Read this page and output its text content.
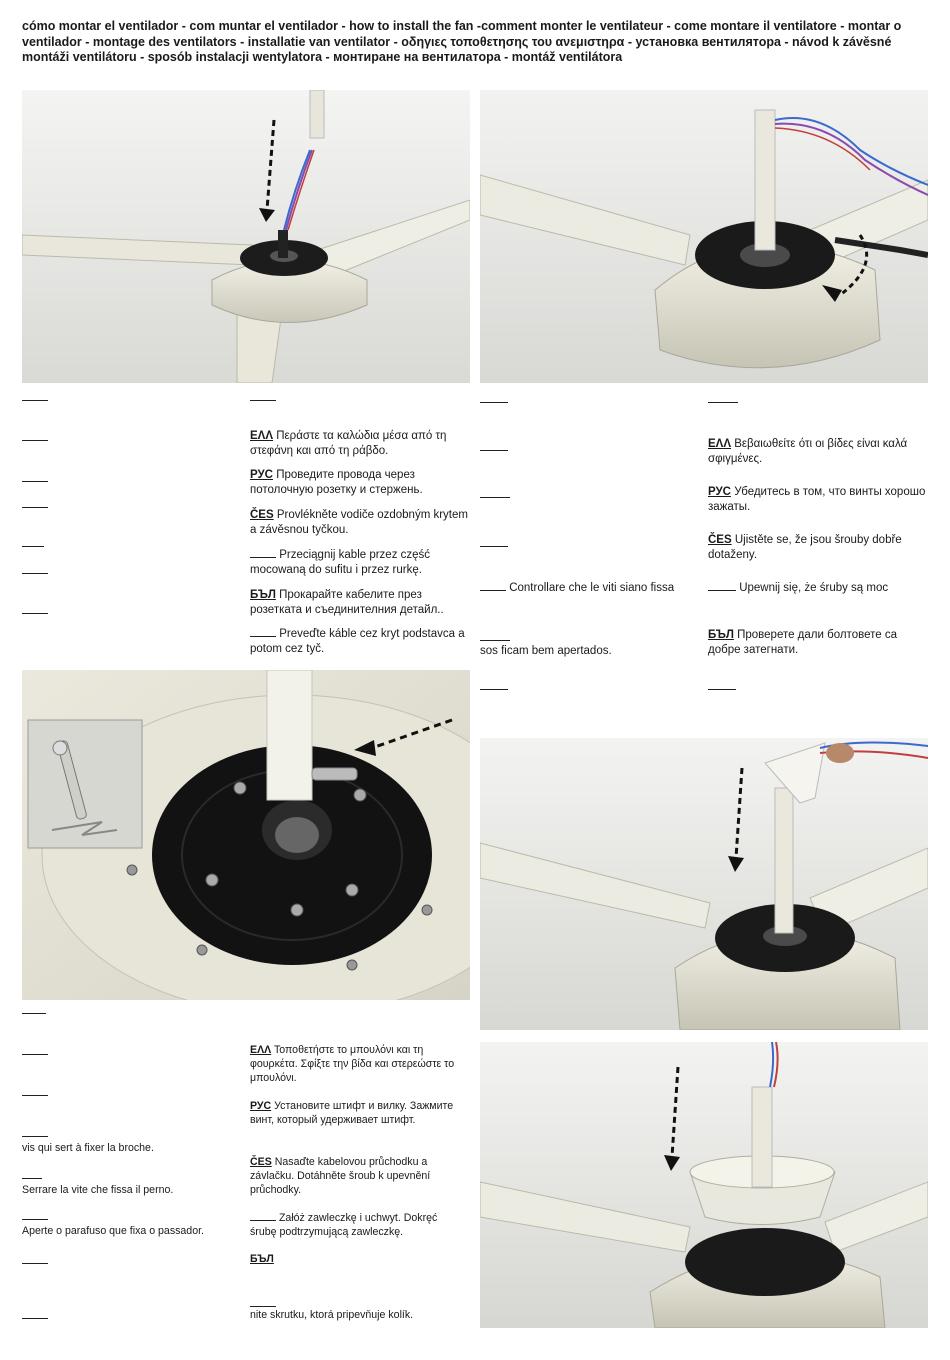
cómo montar el ventilador - com muntar el ventilador - how to install the fan -comment monter le ventilateur - come montare il ventilatore - montar o ventilador - montage des ventilators - installatie van ventilator - οδηγιες τοποθετησης του ανεμιστηρα - установка вентилятора - návod k závěsné montáži ventilátoru - sposób instalacji wentylatora - монтиране на вентилатора - montáž ventilátora
ΕΛΛ Περάστε τα καλώδια μέσα από τη στεφάνη και από τη ράβδο.
РУС Проведите провода через потолочную розетку и стержень.
ČES Provlékněte vodiče ozdobným krytem a závěsnou tyčkou.
Przeciągnij kable przez część mocowaną do sufitu i przez rurkę.
БЪЛ Прокарайте кабелите през розетката и съединителния детайл..
Preveďte káble cez kryt podstavca a potom cez tyč.
Controllare che le viti siano fissa
sos ficam bem apertados.
ΕΛΛ Βεβαιωθείτε ότι οι βίδες είναι καλά σφιγμένες.
РУС Убедитесь в том, что винты хорошо зажаты.
ČES Ujistěte se, že jsou šrouby dobře dotaženy.
Upewnij się, że śruby są moc
БЪЛ Проверете дали болтовете са добре затегнати.
vis qui sert à fixer la broche.
Serrare la vite che fissa il perno.
Aperte o parafuso que fixa o passador.
ΕΛΛ Τοποθετήστε το μπουλόνι και τη φουρκέτα. Σφίξτε την βίδα και στερεώστε το μπουλόνι.
РУС Установите штифт и вилку. Зажмите винт, который удерживает штифт.
ČES Nasaďte kabelovou průchodku a závlačku. Dotáhněte šroub k upevnění průchodky.
Załóż zawleczkę i uchwyt. Dokręć śrubę podtrzymującą zawleczkę.
БЪЛ
nite skrutku, ktorá pripevňuje kolík.
